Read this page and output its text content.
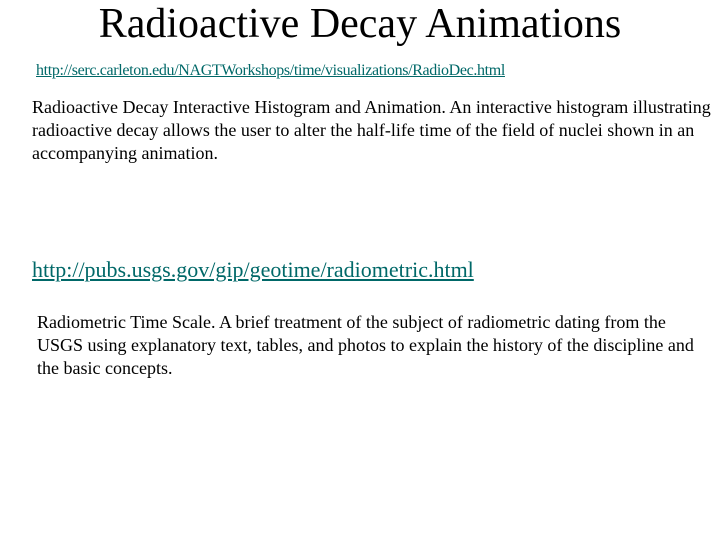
Radioactive Decay Animations
http://serc.carleton.edu/NAGTWorkshops/time/visualizations/RadioDec.html

Radioactive Decay Interactive Histogram and Animation. An interactive histogram illustrating radioactive decay allows the user to alter the half-life time of the field of nuclei shown in an accompanying animation.

http://pubs.usgs.gov/gip/geotime/radiometric.html

Radiometric Time Scale. A brief treatment of the subject of radiometric dating from the USGS using explanatory text, tables, and photos to explain the history of the discipline and the basic concepts.
